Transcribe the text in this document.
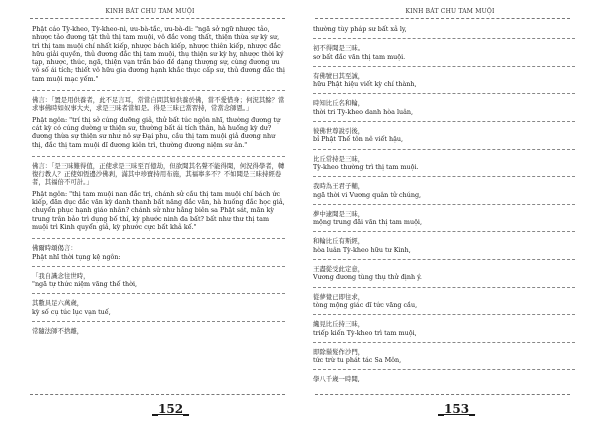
KINH BÁT CHU TAM MUỘI

Phật cáo Tỳ-kheo, Tỳ-kheo-ni, ưu-bà-tắc, ưu-bà-di: "ngã sở ngữ nhược tảo, nhược tảo đương tật thủ thị tam muội, vô đắc vong thất, thiện thừa sự kỳ sư, trì thị tam muội chí nhất kiếp, nhược bách kiếp, nhược thiên kiếp, nhược đắc hữu giải quyền, thủ đương đắc thị tam muội, thụ thiện sư kỳ hy, nhược thời ký tạp, nhược, thúc, ngã, thiện vạn trần báo đề dạng thượng sự, cùng đương ưu vô số ái tích; thiết vô hữu gia đương hạnh khắc thục cấp sư, thủ đương đắc thị tam muội mạc yếm."

佛言：「置是用供養者，此不足言耳，常當自問其如供養於佛，當不愛惜身；何況其餘？當求事佛時如奴事大夫，求是三昧者當如是。得是三昧已當習持，常當念師恩。」

Phật ngôn: "trí thị sở cúng dưỡng giả, thử bất túc ngôn nhĩ, thường đương tự cát kỳ có cúng dường ư thiện sư, thường bất ái tích thân, hà huống kỳ dư? đương thừa sự thiện sư như nô sự Đại phu, cầu thị tam muội giả đương như thị, đắc thị tam muội dĩ đương kiên trì, thường đương niệm sư ân."

佛言：「是三昧難得值，正使求是三昧至百億劫，但欲聞其名聲不能得聞，何況得學者，轉復行教人？正使如恆邊沙佛剎，滿其中珍寶持用布施，其福寧多不？不如聞是三昧持經卷者，其福倍不可計。」

Phật ngôn: "thị tam muội nan đắc trị, chánh sử cầu thị tam muội chí bách ức kiếp, đãn dục đắc văn kỳ danh thanh bất năng đắc văn, hà huống đắc học giả, chuyển phục hạnh giáo nhân? chánh sử như hằng biên sa Phật sát, mãn kỳ trung trân bảo trì dụng bố thí, kỳ phước ninh đa bất? bất như thư thị tam muội trì Kinh quyển giả, kỳ phước cực bất khả kế."

佛爾時頌偈言：
Phật nhĩ thời tụng kệ ngôn:
「我自識念往世時，
"ngã tự thức niệm vãng thế thời,
其數具足六萬歲，
kỳ số cụ túc lục vạn tuế,
常隨法師不捨離，
_152_
KINH BÁT CHU TAM MUỘI
thường tùy pháp sư bất xả ly,
初不得聞是三昧。
sơ bất đắc văn thị tam muội.
有佛號曰其至誠，
hữu Phật hiệu viết kỳ chí thành,
時知比丘名和輪，
thời tri Tỳ-kheo danh hòa luân,
彼佛世尊說引後，
bỉ Phật Thế tôn nê viết hậu,
比丘常持是三昧，
Tỳ-kheo thường trì thị tam muội.
我時為王君子輔，
ngã thời vi Vương quân tử chúng,
夢中逮聞是三昧，
mộng trung đãi văn thị tam muội,
和輪比丘有斯經，
hòa luân Tỳ-kheo hữu tư Kinh,
王盡從受此定意，
Vương đương tùng thụ thử định ý.
從夢覺已即往求，
tòng mộng giác dĩ tức vãng cầu,
纔見比丘持三昧，
triếp kiến Tỳ-kheo trì tam muội,
即除鬚髮作沙門，
tức trừ tu phát tác Sa Môn,
學八千歲一時聞,
_153_
